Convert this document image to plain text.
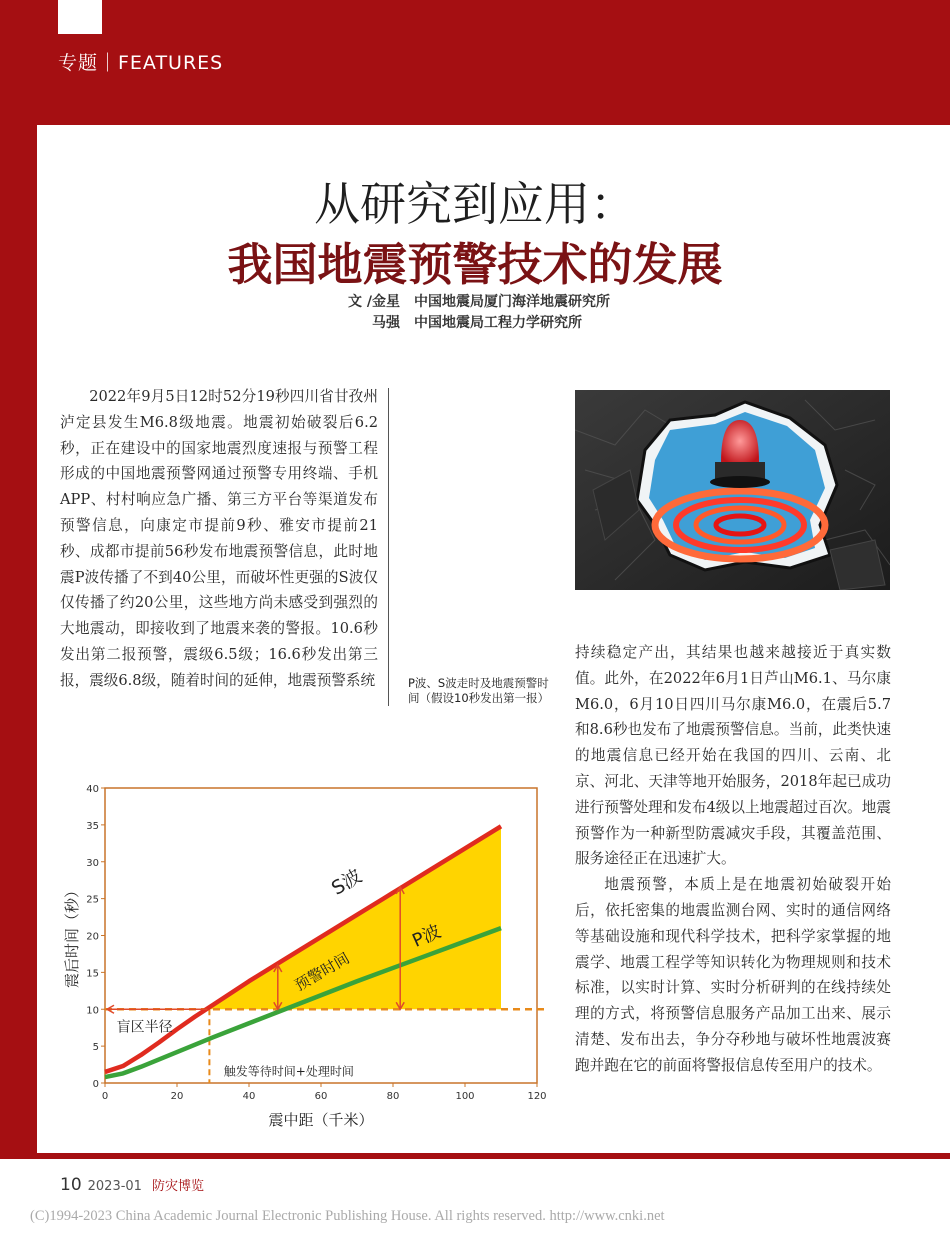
专题｜FEATURES
从研究到应用：
我国地震预警技术的发展
文 /金星 中国地震局厦门海洋地震研究所
马强 中国地震局工程力学研究所

2022年9月5日12时52分19秒四川省甘孜州泸定县发生M6.8级地震。地震初始破裂后6.2秒，正在建设中的国家地震烈度速报与预警工程形成的中国地震预警网通过预警专用终端、手机APP、村村响应急广播、第三方平台等渠道发布预警信息，向康定市提前9秒、雅安市提前21秒、成都市提前56秒发布地震预警信息，此时地震P波传播了不到40公里，而破坏性更强的S波仅仅传播了约20公里，这些地方尚未感受到强烈的大地震动，即接收到了地震来袭的警报。10.6秒发出第二报预警，震级6.5级；16.6秒发出第三报，震级6.8级，随着时间的延伸，地震预警系统	P波、S波走时及地震预警时间（假设10秒发出第一报）

持续稳定产出，其结果也越来越接近于真实数值。此外，在2022年6月1日芦山M6.1、马尔康M6.0，6月10日四川马尔康M6.0，在震后5.7和8.6秒也发布了地震预警信息。当前，此类快速的地震信息已经开始在我国的四川、云南、北京、河北、天津等地开始服务，2018年起已成功进行预警处理和发布4级以上地震超过百次。地震预警作为一种新型防震减灾手段，其覆盖范围、服务途径正在迅速扩大。

地震预警，本质上是在地震初始破裂开始后，依托密集的地震监测台网、实时的通信网络等基础设施和现代科学技术，把科学家掌握的地震学、地震工程学等知识转化为物理规则和技术标准，以实时计算、实时分析研判的在线持续处理的方式，将预警信息服务产品加工出来、展示清楚、发布出去，争分夺秒地与破坏性地震波赛跑并跑在它的前面将警报信息传至用户的技术。

0
5
10
15
20
25
30
35
40
0	20	40	60	80	100	120
S波
P波
预警时间
盲区半径
触发等待时间+处理时间
震中距（千米）
震后时间（秒）
10 2023-01 防灾博览
(C)1994-2023 China Academic Journal Electronic Publishing House. All rights reserved. http://www.cnki.net
